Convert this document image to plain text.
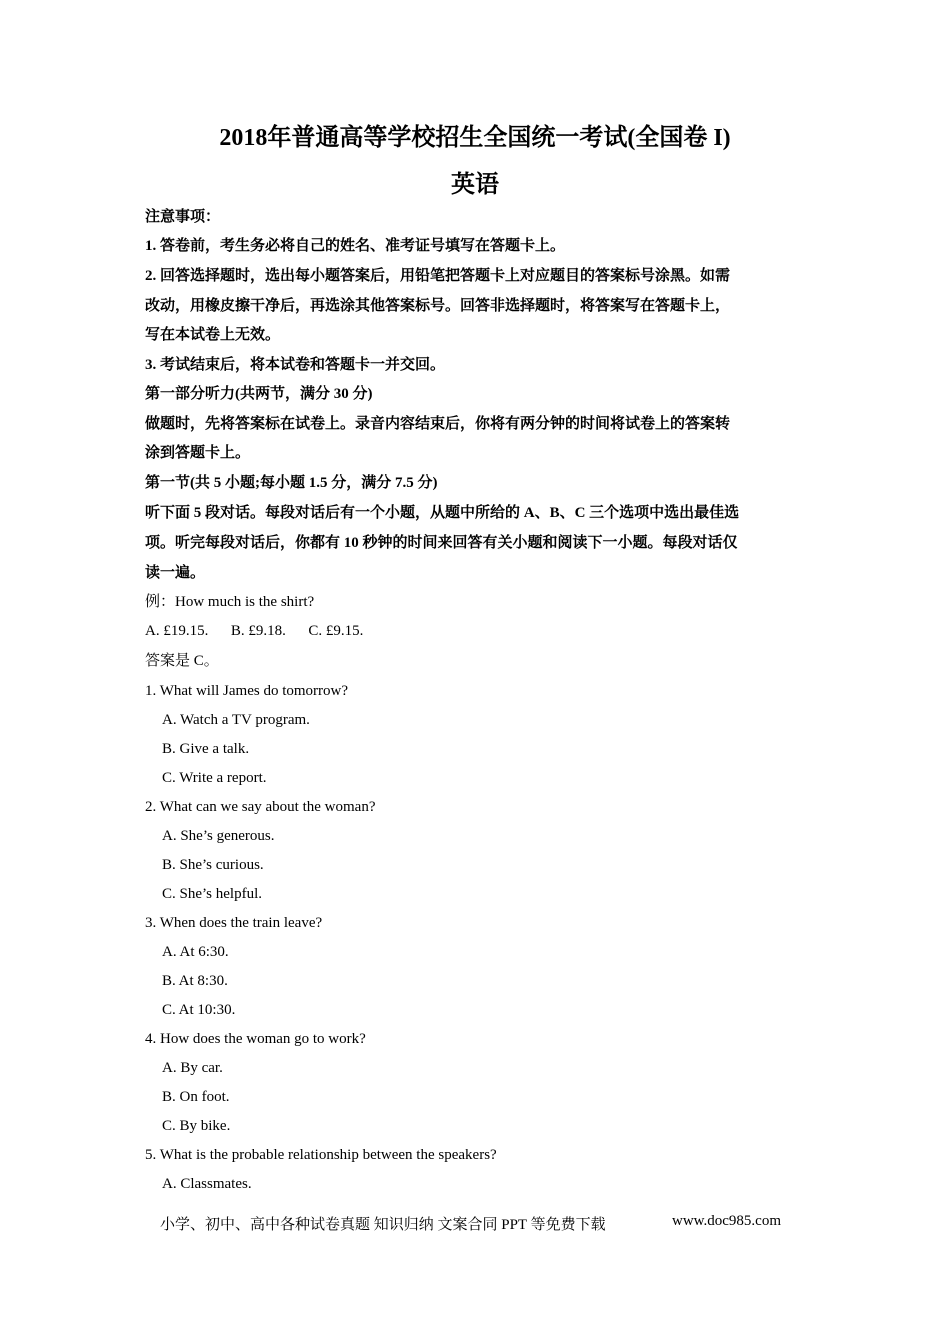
2018年普通高等学校招生全国统一考试(全国卷 I)
英语
注意事项：
1. 答卷前，考生务必将自己的姓名、准考证号填写在答题卡上。
2. 回答选择题时，选出每小题答案后，用铅笔把答题卡上对应题目的答案标号涂黑。如需
改动，用橡皮擦干净后，再选涂其他答案标号。回答非选择题时，将答案写在答题卡上，
写在本试卷上无效。
3. 考试结束后，将本试卷和答题卡一并交回。
第一部分听力(共两节，满分 30 分)
做题时，先将答案标在试卷上。录音内容结束后，你将有两分钟的时间将试卷上的答案转
涂到答题卡上。
第一节(共 5 小题;每小题 1.5 分，满分 7.5 分)
听下面 5 段对话。每段对话后有一个小题，从题中所给的 A、B、C 三个选项中选出最佳选
项。听完每段对话后，你都有 10 秒钟的时间来回答有关小题和阅读下一小题。每段对话仅
读一遍。
例：How much is the shirt?
A. £19.15.      B. £9.18.      C. £9.15.
答案是 C。
1. What will James do tomorrow?
A. Watch a TV program.
B. Give a talk.
C. Write a report.
2. What can we say about the woman?
A. She’s generous.
B. She’s curious.
C. She’s helpful.
3. When does the train leave?
A. At 6:30.
B. At 8:30.
C. At 10:30.
4. How does the woman go to work?
A. By car.
B. On foot.
C. By bike.
5. What is the probable relationship between the speakers?
A. Classmates.
小学、初中、高中各种试卷真题 知识归纳 文案合同 PPT 等免费下载	www.doc985.com
